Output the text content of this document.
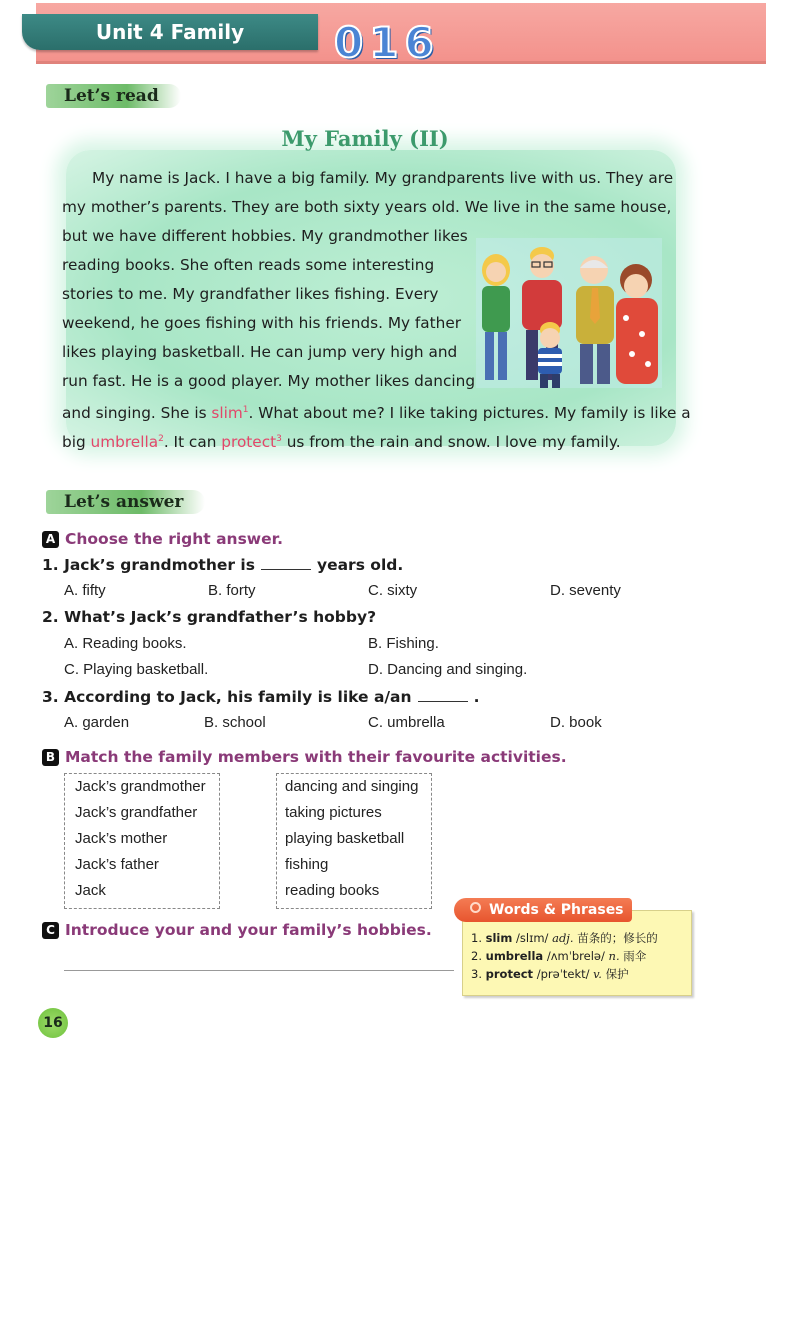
Unit 4 Family	016
Let’s read
My Family (II)
My name is Jack. I have a big family. My grandparents live with us. They are
my mother’s parents. They are both sixty years old. We live in the same house,
but we have different hobbies. My grandmother likes
reading books. She often reads some interesting
stories to me. My grandfather likes fishing. Every
weekend, he goes fishing with his friends. My father
likes playing basketball. He can jump very high and
run fast. He is a good player. My mother likes dancing
and singing. She is slim$^1$. What about me? I like taking pictures. My family is like a
big umbrella$^2$. It can protect$^3$ us from the rain and snow. I love my family.
Let’s answer
A Choose the right answer.
1. Jack’s grandmother is	years old.
A. fifty	B. forty	C. sixty	D. seventy
2. What’s Jack’s grandfather’s hobby?
A. Reading books.	B. Fishing.
C. Playing basketball.	D. Dancing and singing.
3. According to Jack, his family is like a/an	.
A. garden	B. school	C. umbrella	D. book
B Match the family members with their favourite activities.
Jack’s grandmother
Jack’s grandfather
Jack’s mother
Jack’s father
Jack
dancing and singing
taking pictures
playing basketball
fishing
reading books
C Introduce your and your family’s hobbies.	1. slim /slɪm/ adj. 苗条的；修长的
2. umbrella /ʌmˈbrelə/ n. 雨伞
3. protect /prəˈtekt/ v. 保护
Words & Phrases
16
